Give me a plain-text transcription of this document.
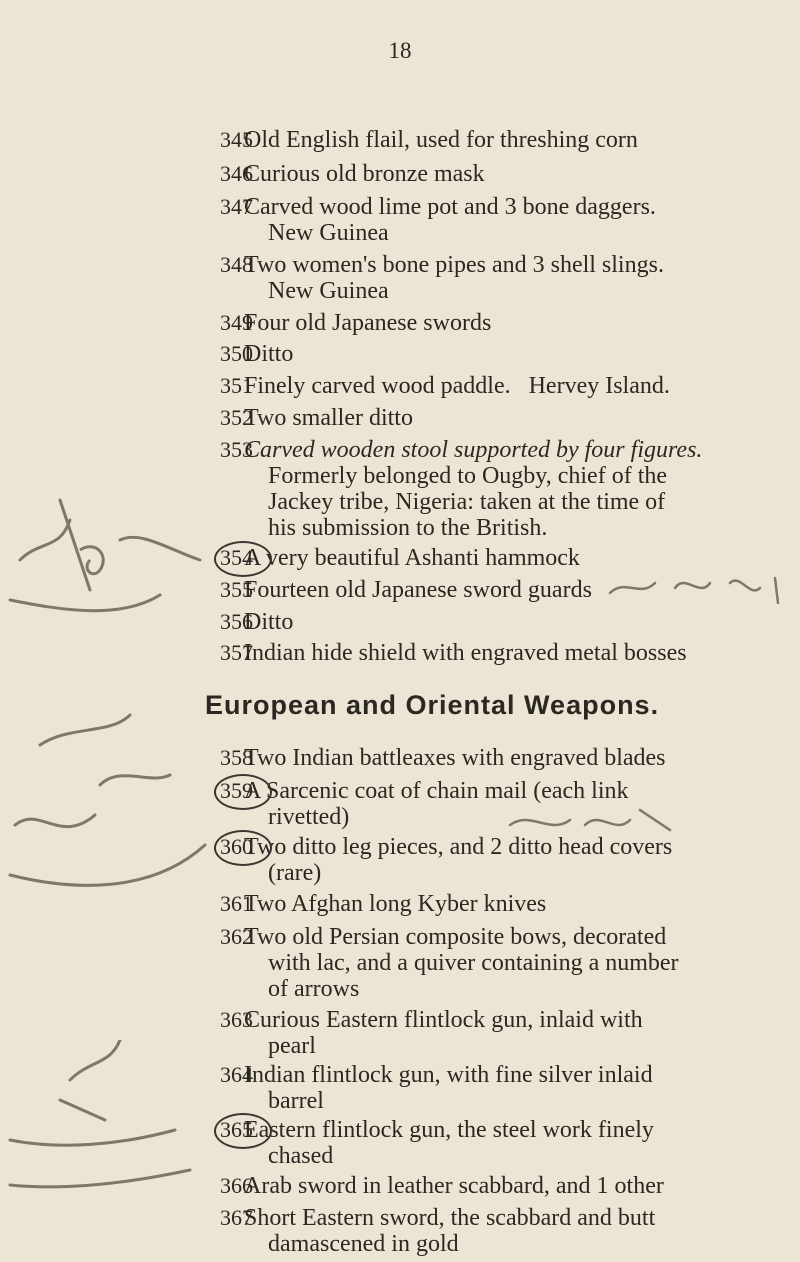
18
345
Old English flail, used for threshing corn
346
Curious old bronze mask
347
Carved wood lime pot and 3 bone daggers.
New Guinea
348
Two women's bone pipes and 3 shell slings.
New Guinea
349
Four old Japanese swords
350
Ditto
351
Finely carved wood paddle.   Hervey Island.
352
Two smaller ditto
353
Carved wooden stool supported by four figures.
Formerly belonged to Ougby, chief of the
Jackey tribe, Nigeria: taken at the time of
his submission to the British.
354
A very beautiful Ashanti hammock
355
Fourteen old Japanese sword guards
356
Ditto
357
Indian hide shield with engraved metal bosses
European and Oriental Weapons.
358
Two Indian battleaxes with engraved blades
359
A Sarcenic coat of chain mail (each link
rivetted)
360
Two ditto leg pieces, and 2 ditto head covers
(rare)
361
Two Afghan long Kyber knives
362
Two old Persian composite bows, decorated
with lac, and a quiver containing a number
of arrows
363
Curious Eastern flintlock gun, inlaid with
pearl
364
Indian flintlock gun, with fine silver inlaid
barrel
365
Eastern flintlock gun, the steel work finely
chased
366
Arab sword in leather scabbard, and 1 other
367
Short Eastern sword, the scabbard and butt
damascened in gold
